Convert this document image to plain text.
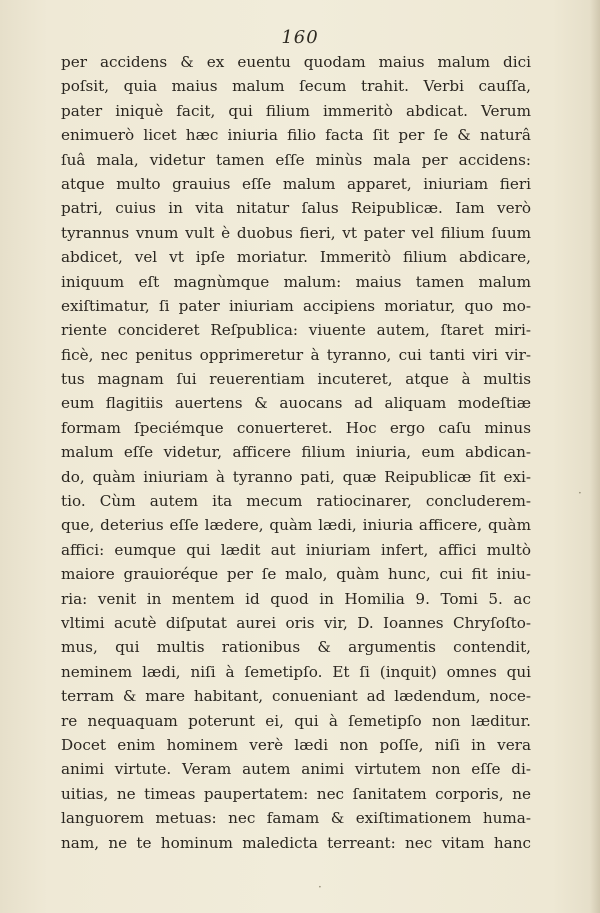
160
per accidens & ex euentu quodam maius malum dici
poſsit, quia maius malum ſecum trahit. Verbi cauſſa,
pater iniquè facit, qui filium immeritò abdicat. Verum
enimuerò licet hæc iniuria filio facta ſit per ſe & naturâ
ſuâ mala, videtur tamen eſſe minùs mala per accidens:
atque multo grauius eſſe malum apparet, iniuriam fieri
patri, cuius in vita nitatur ſalus Reipublicæ. Iam verò
tyrannus vnum vult è duobus fieri, vt pater vel filium ſuum
abdicet, vel vt ipſe moriatur. Immeritò filium abdicare,
iniquum eſt magnùmque malum: maius tamen malum
exiſtimatur, ſi pater iniuriam accipiens moriatur, quo mo-
riente concideret Reſpublica: viuente autem, ſtaret miri-
ficè, nec penitus opprimeretur à tyranno, cui tanti viri vir-
tus magnam ſui reuerentiam incuteret, atque à multis
eum flagitiis auertens & auocans ad aliquam modeſtiæ
formam ſpeciémque conuerteret. Hoc ergo caſu minus
malum eſſe videtur, afficere filium iniuria, eum abdican-
do, quàm iniuriam à tyranno pati, quæ Reipublicæ ſit exi-
tio. Cùm autem ita mecum ratiocinarer, concluderem-
que, deterius eſſe lædere, quàm lædi, iniuria afficere, quàm
affici: eumque qui lædit aut iniuriam infert, affici multò
maiore grauioréque per ſe malo, quàm hunc, cui fit iniu-
ria: venit in mentem id quod in Homilia 9. Tomi 5. ac
vltimi acutè diſputat aurei oris vir, D. Ioannes Chryſoſto-
mus, qui multis rationibus & argumentis contendit,
neminem lædi, niſi à ſemetipſo. Et ſi (inquit) omnes qui
terram & mare habitant, conueniant ad lædendum, noce-
re nequaquam poterunt ei, qui à ſemetipſo non læditur.
Docet enim hominem verè lædi non poſſe, niſi in vera
animi virtute. Veram autem animi virtutem non eſſe di-
uitias, ne timeas paupertatem: nec ſanitatem corporis, ne
languorem metuas: nec famam & exiſtimationem huma-
nam, ne te hominum maledicta terreant: nec vitam hanc
·
·
